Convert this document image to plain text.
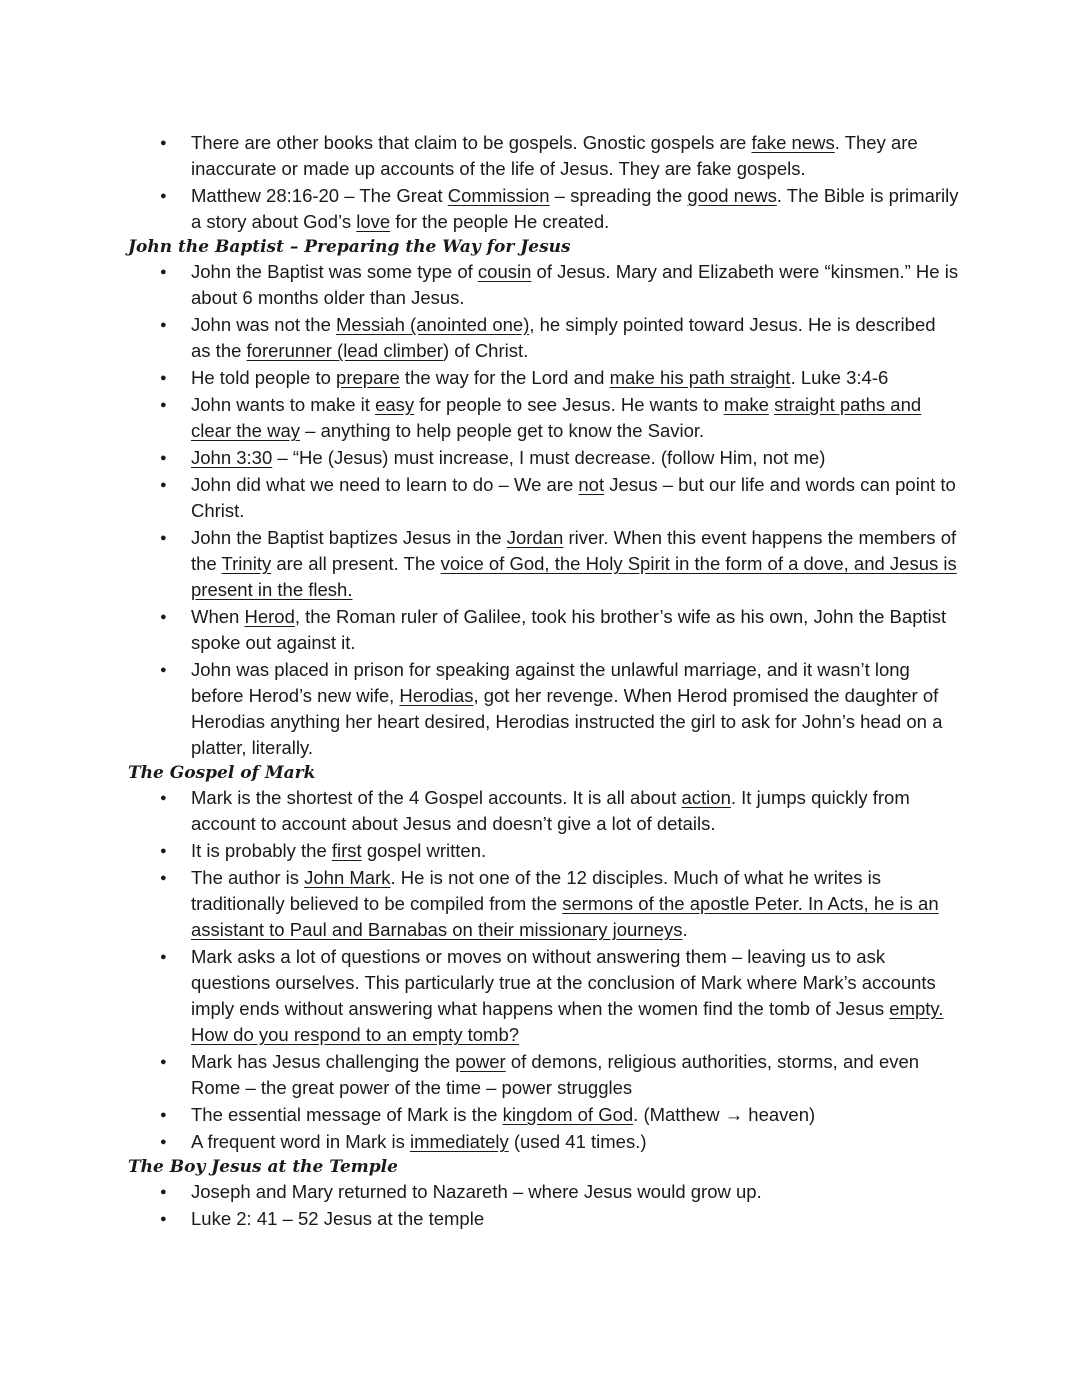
● There are other books that claim to be gospels. Gnostic gospels are fake news. They are inaccurate or made up accounts of the life of Jesus. They are fake gospels.
● Matthew 28:16-20 – The Great Commission – spreading the good news. The Bible is primarily a story about God’s love for the people He created.
John the Baptist – Preparing the Way for Jesus
● John the Baptist was some type of cousin of Jesus. Mary and Elizabeth were “kinsmen.” He is about 6 months older than Jesus.
● John was not the Messiah (anointed one), he simply pointed toward Jesus. He is described as the forerunner (lead climber) of Christ.
● He told people to prepare the way for the Lord and make his path straight. Luke 3:4-6
● John wants to make it easy for people to see Jesus. He wants to make straight paths and clear the way – anything to help people get to know the Savior.
● John 3:30 – “He (Jesus) must increase, I must decrease. (follow Him, not me)
● John did what we need to learn to do – We are not Jesus – but our life and words can point to Christ.
● John the Baptist baptizes Jesus in the Jordan river. When this event happens the members of the Trinity are all present. The voice of God, the Holy Spirit in the form of a dove, and Jesus is present in the flesh.
● When Herod, the Roman ruler of Galilee, took his brother’s wife as his own, John the Baptist spoke out against it.
● John was placed in prison for speaking against the unlawful marriage, and it wasn’t long before Herod’s new wife, Herodias, got her revenge. When Herod promised the daughter of Herodias anything her heart desired, Herodias instructed the girl to ask for John’s head on a platter, literally.
The Gospel of Mark
● Mark is the shortest of the 4 Gospel accounts. It is all about action. It jumps quickly from account to account about Jesus and doesn’t give a lot of details.
● It is probably the first gospel written.
● The author is John Mark. He is not one of the 12 disciples. Much of what he writes is traditionally believed to be compiled from the sermons of the apostle Peter. In Acts, he is an assistant to Paul and Barnabas on their missionary journeys.
● Mark asks a lot of questions or moves on without answering them – leaving us to ask questions ourselves. This particularly true at the conclusion of Mark where Mark’s accounts imply ends without answering what happens when the women find the tomb of Jesus empty. How do you respond to an empty tomb?
● Mark has Jesus challenging the power of demons, religious authorities, storms, and even Rome – the great power of the time – power struggles
● The essential message of Mark is the kingdom of God. (Matthew → heaven)
● A frequent word in Mark is immediately (used 41 times.)
The Boy Jesus at the Temple
● Joseph and Mary returned to Nazareth – where Jesus would grow up.
● Luke 2: 41 – 52 Jesus at the temple
